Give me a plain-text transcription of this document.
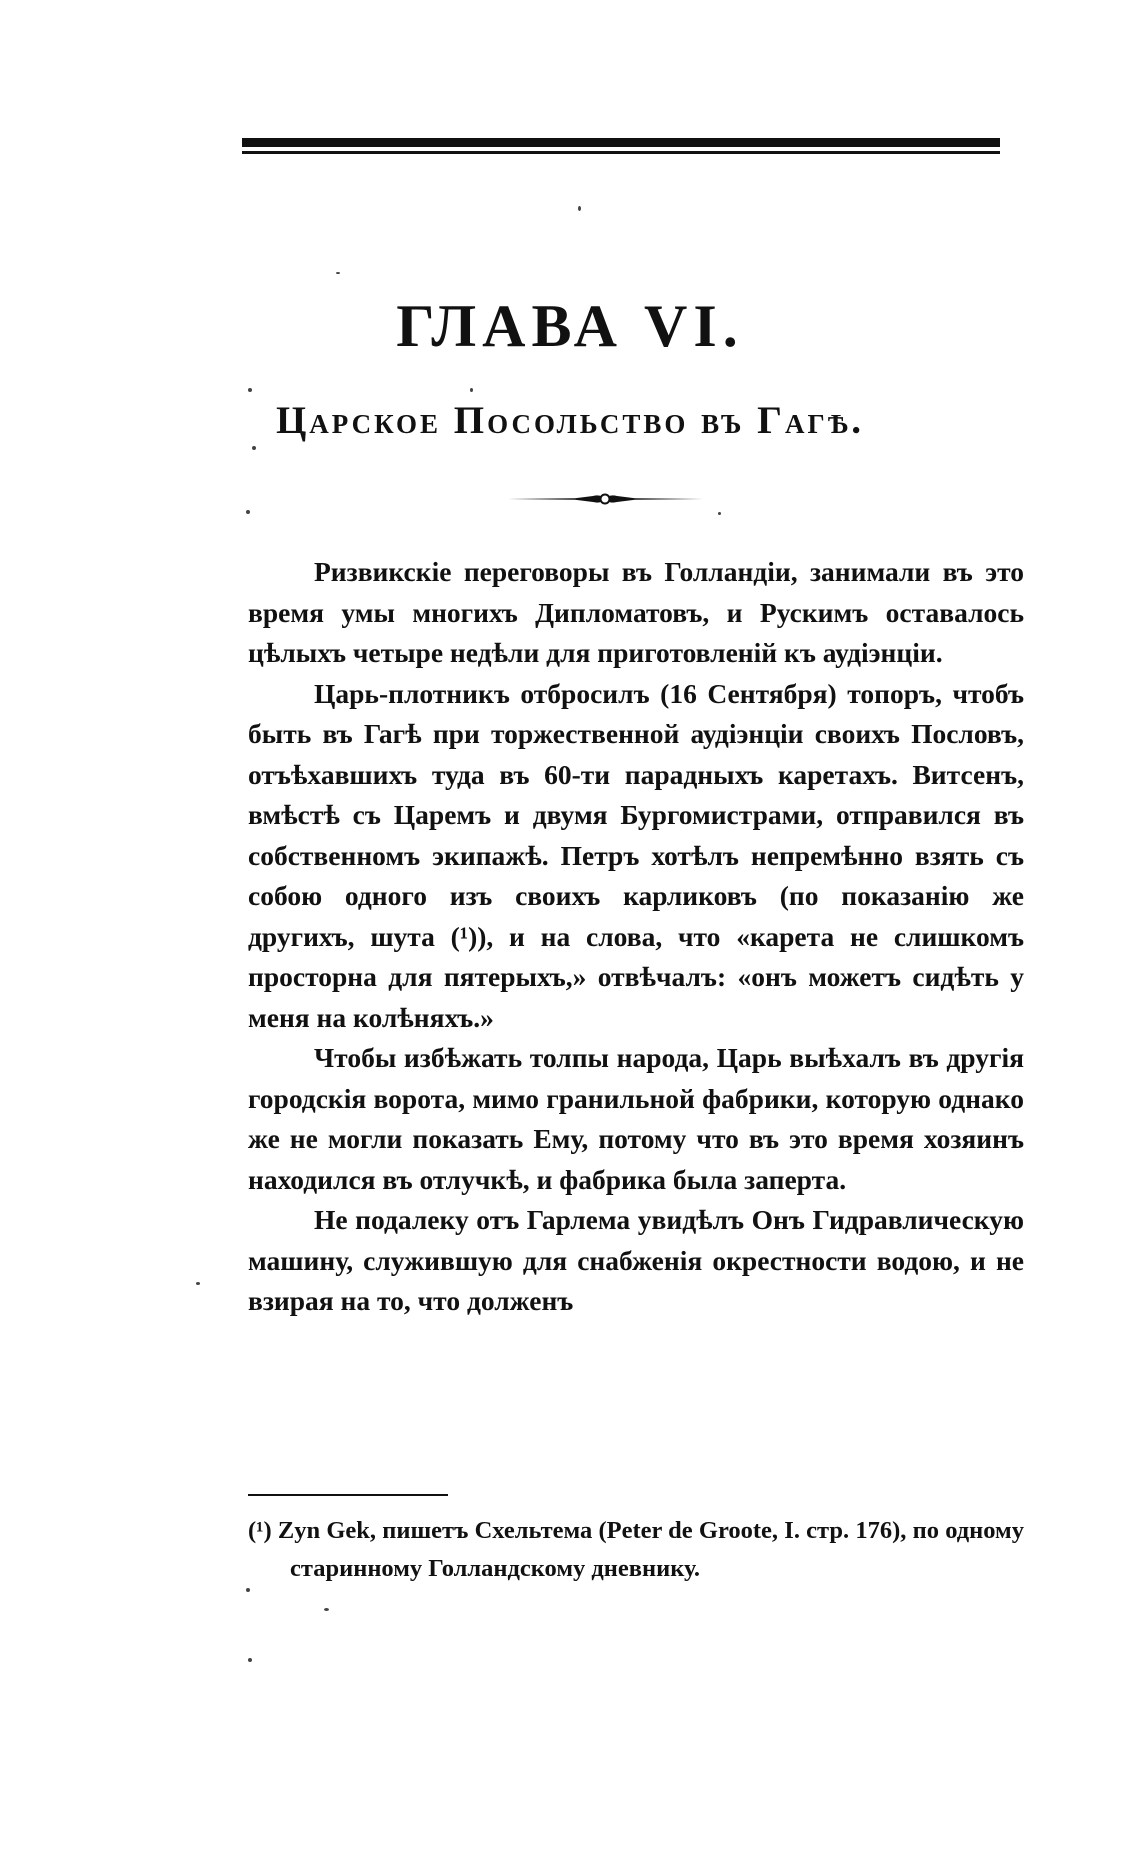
ГЛАВА VI.
Царское Посольство въ Гагѣ.

Ризвикскіе переговоры въ Голландіи, занимали въ это время умы многихъ Дипломатовъ, и Рускимъ оставалось цѣлыхъ четыре недѣли для приготовленій къ аудіэнціи.

Царь-плотникъ отбросилъ (16 Сентября) топоръ, чтобъ быть въ Гагѣ при торжественной аудіэнціи своихъ Пословъ, отъѣхавшихъ туда въ 60-ти парадныхъ каретахъ. Витсенъ, вмѣстѣ съ Царемъ и двумя Бургомистрами, отправился въ собственномъ экипажѣ. Петръ хотѣлъ непремѣнно взять съ собою одного изъ своихъ карликовъ (по показанію же другихъ, шута (¹)), и на слова, что «карета не слишкомъ просторна для пятерыхъ,» отвѣчалъ: «онъ можетъ сидѣть у меня на колѣняхъ.»

Чтобы избѣжать толпы народа, Царь выѣхалъ въ другія городскія ворота, мимо гранильной фабрики, которую однако же не могли показать Ему, потому что въ это время хозяинъ находился въ отлучкѣ, и фабрика была заперта.

Не подалеку отъ Гарлема увидѣлъ Онъ Гидравлическую машину, служившую для снабженія окрестности водою, и не взирая на то, что долженъ

(¹) Zyn Gek, пишетъ Схельтема (Peter de Groote, I. стр. 176), по одному старинному Голландскому дневнику.
